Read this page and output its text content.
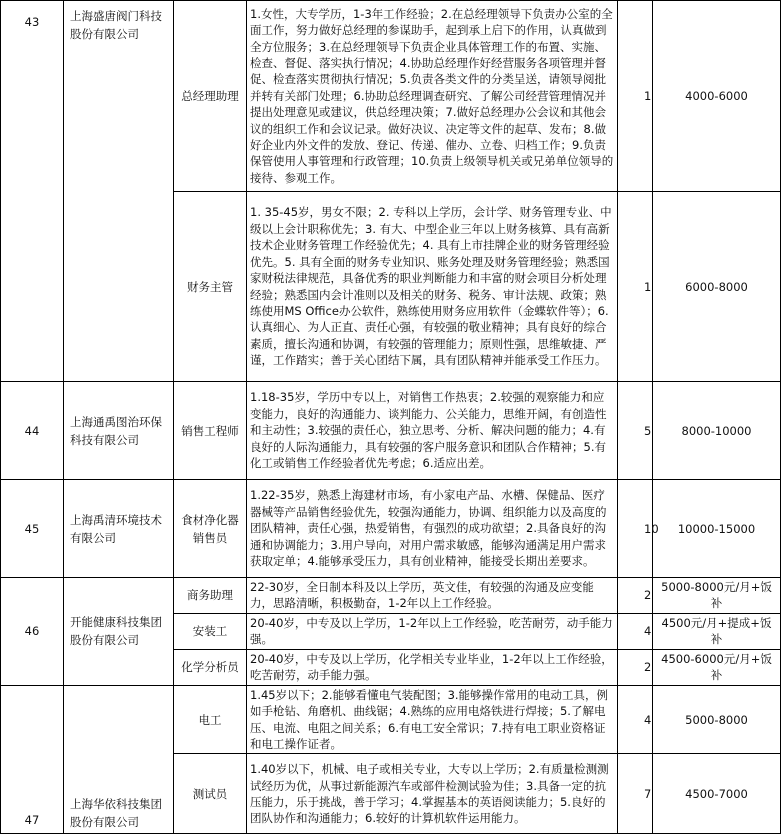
43	上海盛唐阀门科技股份有限公司	总经理助理	1.女性，大专学历，1-3年工作经验；2.在总经理领导下负责办公室的全面工作，努力做好总经理的参谋助手，起到承上启下的作用，认真做到全方位服务；3.在总经理领导下负责企业具体管理工作的布置、实施、检查、督促、落实执行情况；4.协助总经理作好经营服务各项管理并督促、检查落实贯彻执行情况；5.负责各类文件的分类呈送，请领导阅批并转有关部门处理；6.协助总经理调查研究、了解公司经营管理情况并提出处理意见或建议，供总经理决策；7.做好总经理办公会议和其他会议的组织工作和会议记录。做好决议、决定等文件的起草、发布；8.做好企业内外文件的发放、登记、传递、催办、立卷、归档工作；9.负责保管使用人事管理和行政管理；10.负责上级领导机关或兄弟单位领导的接待、参观工作。	1	4000-6000
		财务主管	1. 35-45岁，男女不限；2. 专科以上学历，会计学、财务管理专业、中级以上会计职称优先；3. 有大、中型企业三年以上财务核算、具有高新技术企业财务管理工作经验优先；4. 具有上市挂牌企业的财务管理经验优先。5. 具有全面的财务专业知识、账务处理及财务管理经验；熟悉国家财税法律规范，具备优秀的职业判断能力和丰富的财会项目分析处理经验；熟悉国内会计准则以及相关的财务、税务、审计法规、政策；熟练使用MS Office办公软件，熟练使用财务应用软件（金蝶软件等）；6. 认真细心、为人正直、责任心强，有较强的敬业精神；具有良好的综合素质，擅长沟通和协调，有较强的管理能力；原则性强，思维敏捷、严谨，工作踏实；善于关心团结下属，具有团队精神并能承受工作压力。	1	6000-8000
44	上海通禹图治环保科技有限公司	销售工程师	1.18-35岁，学历中专以上，对销售工作热衷；2.较强的观察能力和应变能力，良好的沟通能力、谈判能力、公关能力，思维开阔，有创造性和主动性；3.较强的责任心，独立思考、分析、解决问题的能力；4.有良好的人际沟通能力，具有较强的客户服务意识和团队合作精神；5.有化工或销售工作经验者优先考虑；6.适应出差。	5	8000-10000
45	上海禹清环境技术有限公司	食材净化器销售员	1.22-35岁，熟悉上海建材市场，有小家电产品、水槽、保健品、医疗器械等产品销售经验优先，较强沟通能力，协调、组织能力以及高度的团队精神，责任心强，热爱销售，有强烈的成功欲望；2.具备良好的沟通和协调能力；3.用户导向，对用户需求敏感，能够沟通满足用户需求获取定单；4.能够承受压力，具有创业精神，能接受长期出差要求。	10	10000-15000
46	开能健康科技集团股份有限公司	商务助理	22-30岁，全日制本科及以上学历，英文佳，有较强的沟通及应变能力，思路清晰，积极勤奋，1-2年以上工作经验。	2	5000-8000元/月+饭补
		安装工	20-40岁，中专及以上学历，1-2年以上工作经验，吃苦耐劳，动手能力强。	4	4500元/月+提成+饭补
		化学分析员	20-40岁，中专及以上学历，化学相关专业毕业，1-2年以上工作经验，吃苦耐劳，动手能力强。	2	4500-6000元/月+饭补
47	上海华依科技集团股份有限公司	电工	1.45岁以下；2.能够看懂电气装配图；3.能够操作常用的电动工具，例如手枪钻、角磨机、曲线锯；4.熟练的应用电烙铁进行焊接；5.了解电压、电流、电阻之间关系；6.有电工安全常识；7.持有电工职业资格证和电工操作证者。	4	5000-8000
		测试员	1.40岁以下，机械、电子或相关专业，大专以上学历；2.有质量检测测试经历为优，从事过新能源汽车或部件检测试验为佳；3.具备一定的抗压能力，乐于挑战，善于学习；4.掌握基本的英语阅读能力；5.良好的团队协作和沟通能力；6.较好的计算机软件运用能力。	7	4500-7000
